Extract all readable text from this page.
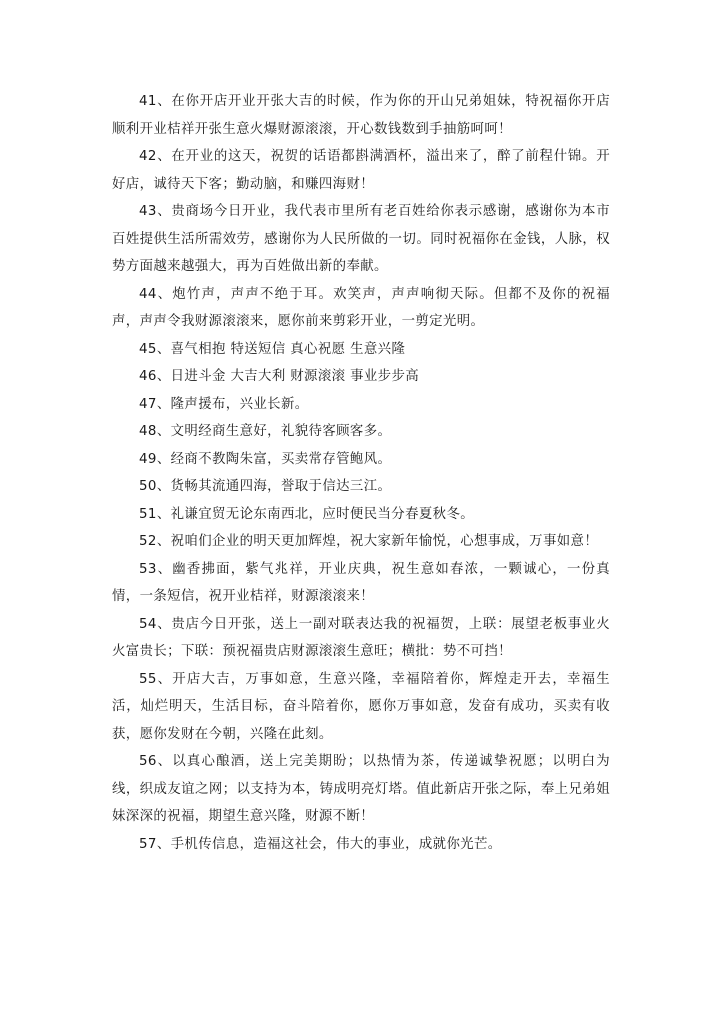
41、在你开店开业开张大吉的时候，作为你的开山兄弟姐妹，特祝福你开店顺利开业桔祥开张生意火爆财源滚滚，开心数钱数到手抽筋呵呵！

42、在开业的这天，祝贺的话语都斟满酒杯，溢出来了，醉了前程什锦。开好店，诚待天下客；勤动脑，和赚四海财！

43、贵商场今日开业，我代表市里所有老百姓给你表示感谢，感谢你为本市百姓提供生活所需效劳，感谢你为人民所做的一切。同时祝福你在金钱，人脉，权势方面越来越强大，再为百姓做出新的奉献。

44、炮竹声，声声不绝于耳。欢笑声，声声响彻天际。但都不及你的祝福声，声声令我财源滚滚来，愿你前来剪彩开业，一剪定光明。

45、喜气相抱 特送短信 真心祝愿 生意兴隆

46、日进斗金 大吉大利 财源滚滚 事业步步高

47、隆声援布，兴业长新。

48、文明经商生意好，礼貌待客顾客多。

49、经商不教陶朱富，买卖常存管鲍风。

50、货畅其流通四海，誉取于信达三江。

51、礼谦宜贸无论东南西北，应时便民当分春夏秋冬。

52、祝咱们企业的明天更加辉煌，祝大家新年愉悦，心想事成，万事如意！

53、幽香拂面，紫气兆祥，开业庆典，祝生意如春浓，一颗诚心，一份真情，一条短信，祝开业桔祥，财源滚滚来！

54、贵店今日开张，送上一副对联表达我的祝福贺，上联：展望老板事业火火富贵长；下联：预祝福贵店财源滚滚生意旺；横批：势不可挡！

55、开店大吉，万事如意，生意兴隆，幸福陪着你，辉煌走开去，幸福生活，灿烂明天，生活目标，奋斗陪着你，愿你万事如意，发奋有成功，买卖有收获，愿你发财在今朝，兴隆在此刻。

56、以真心酿酒，送上完美期盼；以热情为茶，传递诚挚祝愿；以明白为线，织成友谊之网；以支持为本，铸成明亮灯塔。值此新店开张之际，奉上兄弟姐妹深深的祝福，期望生意兴隆，财源不断！

57、手机传信息，造福这社会，伟大的事业，成就你光芒。
